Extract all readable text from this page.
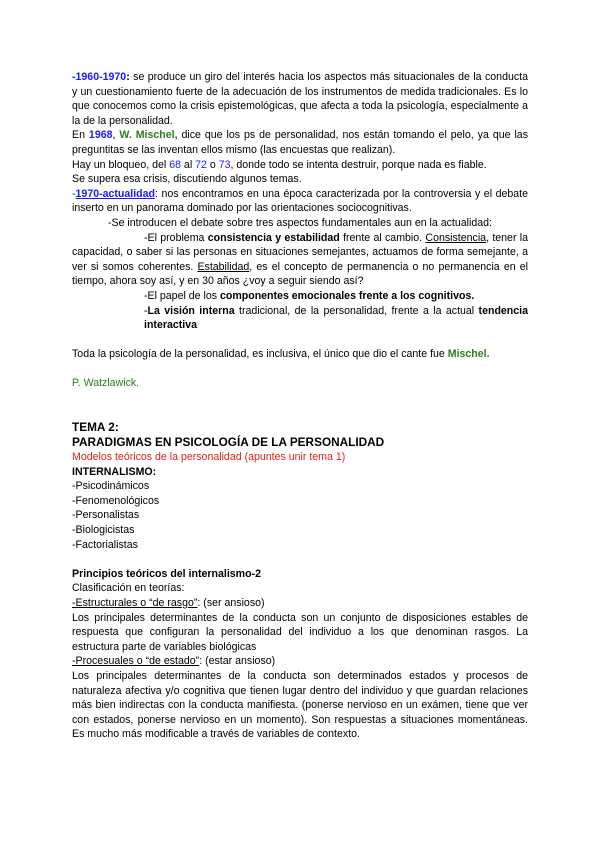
-1960-1970: se produce un giro del interés hacia los aspectos más situacionales de la conducta y un cuestionamiento fuerte de la adecuación de los instrumentos de medida tradicionales. Es lo que conocemos como la crisis epistemológicas, que afecta a toda la psicología, especialmente a la de la personalidad.

En 1968, W. Mischel, dice que los ps de personalidad, nos están tomando el pelo, ya que las preguntitas se las inventan ellos mismo (las encuestas que realizan).

Hay un bloqueo, del 68 al 72 o 73, donde todo se intenta destruir, porque nada es fiable.

Se supera esa crisis, discutiendo algunos temas.

-1970-actualidad: nos encontramos en una época caracterizada por la controversia y el debate inserto en un panorama dominado por las orientaciones sociocognitivas.

-Se introducen el debate sobre tres aspectos fundamentales aun en la actualidad:

-El problema consistencia y estabilidad frente al cambio. Consistencia, tener la capacidad, o saber si las personas en situaciones semejantes, actuamos de forma semejante, a ver si somos coherentes. Estabilidad, es el concepto de permanencia o no permanencia en el tiempo, ahora soy así, y en 30 años ¿voy a seguir siendo así?

-El papel de los componentes emocionales frente a los cognitivos.

-La visión interna tradicional, de la personalidad, frente a la actual tendencia interactiva

Toda la psicología de la personalidad, es inclusiva, el único que dio el cante fue Mischel.

P. Watzlawick.

TEMA 2:

PARADIGMAS EN PSICOLOGÍA DE LA PERSONALIDAD

Modelos teóricos de la personalidad (apuntes unir tema 1)

INTERNALISMO:

-Psicodinámicos

-Fenomenológicos

-Personalistas

-Biologicistas

-Factorialistas

Principios teóricos del internalismo-2

Clasificación en teorías:

-Estructurales o “de rasgo”: (ser ansioso)

Los principales determinantes de la conducta son un conjunto de disposiciones estables de respuesta que configuran la personalidad del individuo a los que denominan rasgos. La estructura parte de variables biológicas

-Procesuales o “de estado”: (estar ansioso)

Los principales determinantes de la conducta son determinados estados y procesos de naturaleza afectiva y/o cognitiva que tienen lugar dentro del individuo y que guardan relaciones más bien indirectas con la conducta manifiesta. (ponerse nervioso en un exámen, tiene que ver con estados, ponerse nervioso en un momento). Son respuestas a situaciones momentáneas. Es mucho más modificable a través de variables de contexto.
